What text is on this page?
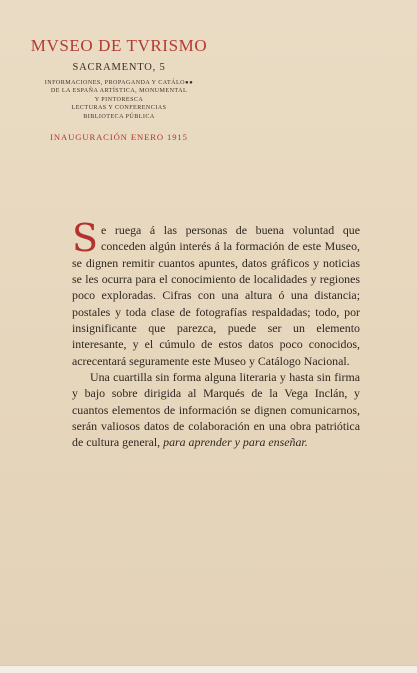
MVSEO DE TVRISMO
SACRAMENTO, 5
INFORMACIONES, PROPAGANDA Y CATÁLO●●
DE LA ESPAÑA ARTÍSTICA, MONUMENTAL
Y PINTORESCA
LECTURAS Y CONFERENCIAS
BIBLIOTECA PÚBLICA
INAUGURACIÓN ENERO 1915

Se ruega á las personas de buena voluntad que conceden algún interés á la formación de este Museo, se dignen remitir cuantos apuntes, datos gráficos y noticias se les ocurra para el conocimiento de localidades y regiones poco exploradas. Cifras con una altura ó una distancia; postales y toda clase de fotografías respaldadas; todo, por insignificante que parezca, puede ser un elemento interesante, y el cúmulo de estos datos poco conocidos, acrecentará seguramente este Museo y Catálogo Nacional.

Una cuartilla sin forma alguna literaria y hasta sin firma y bajo sobre dirigida al Marqués de la Vega Inclán, y cuantos elementos de información se dignen comunicarnos, serán valiosos datos de colaboración en una obra patriótica de cultura general, para aprender y para enseñar.
